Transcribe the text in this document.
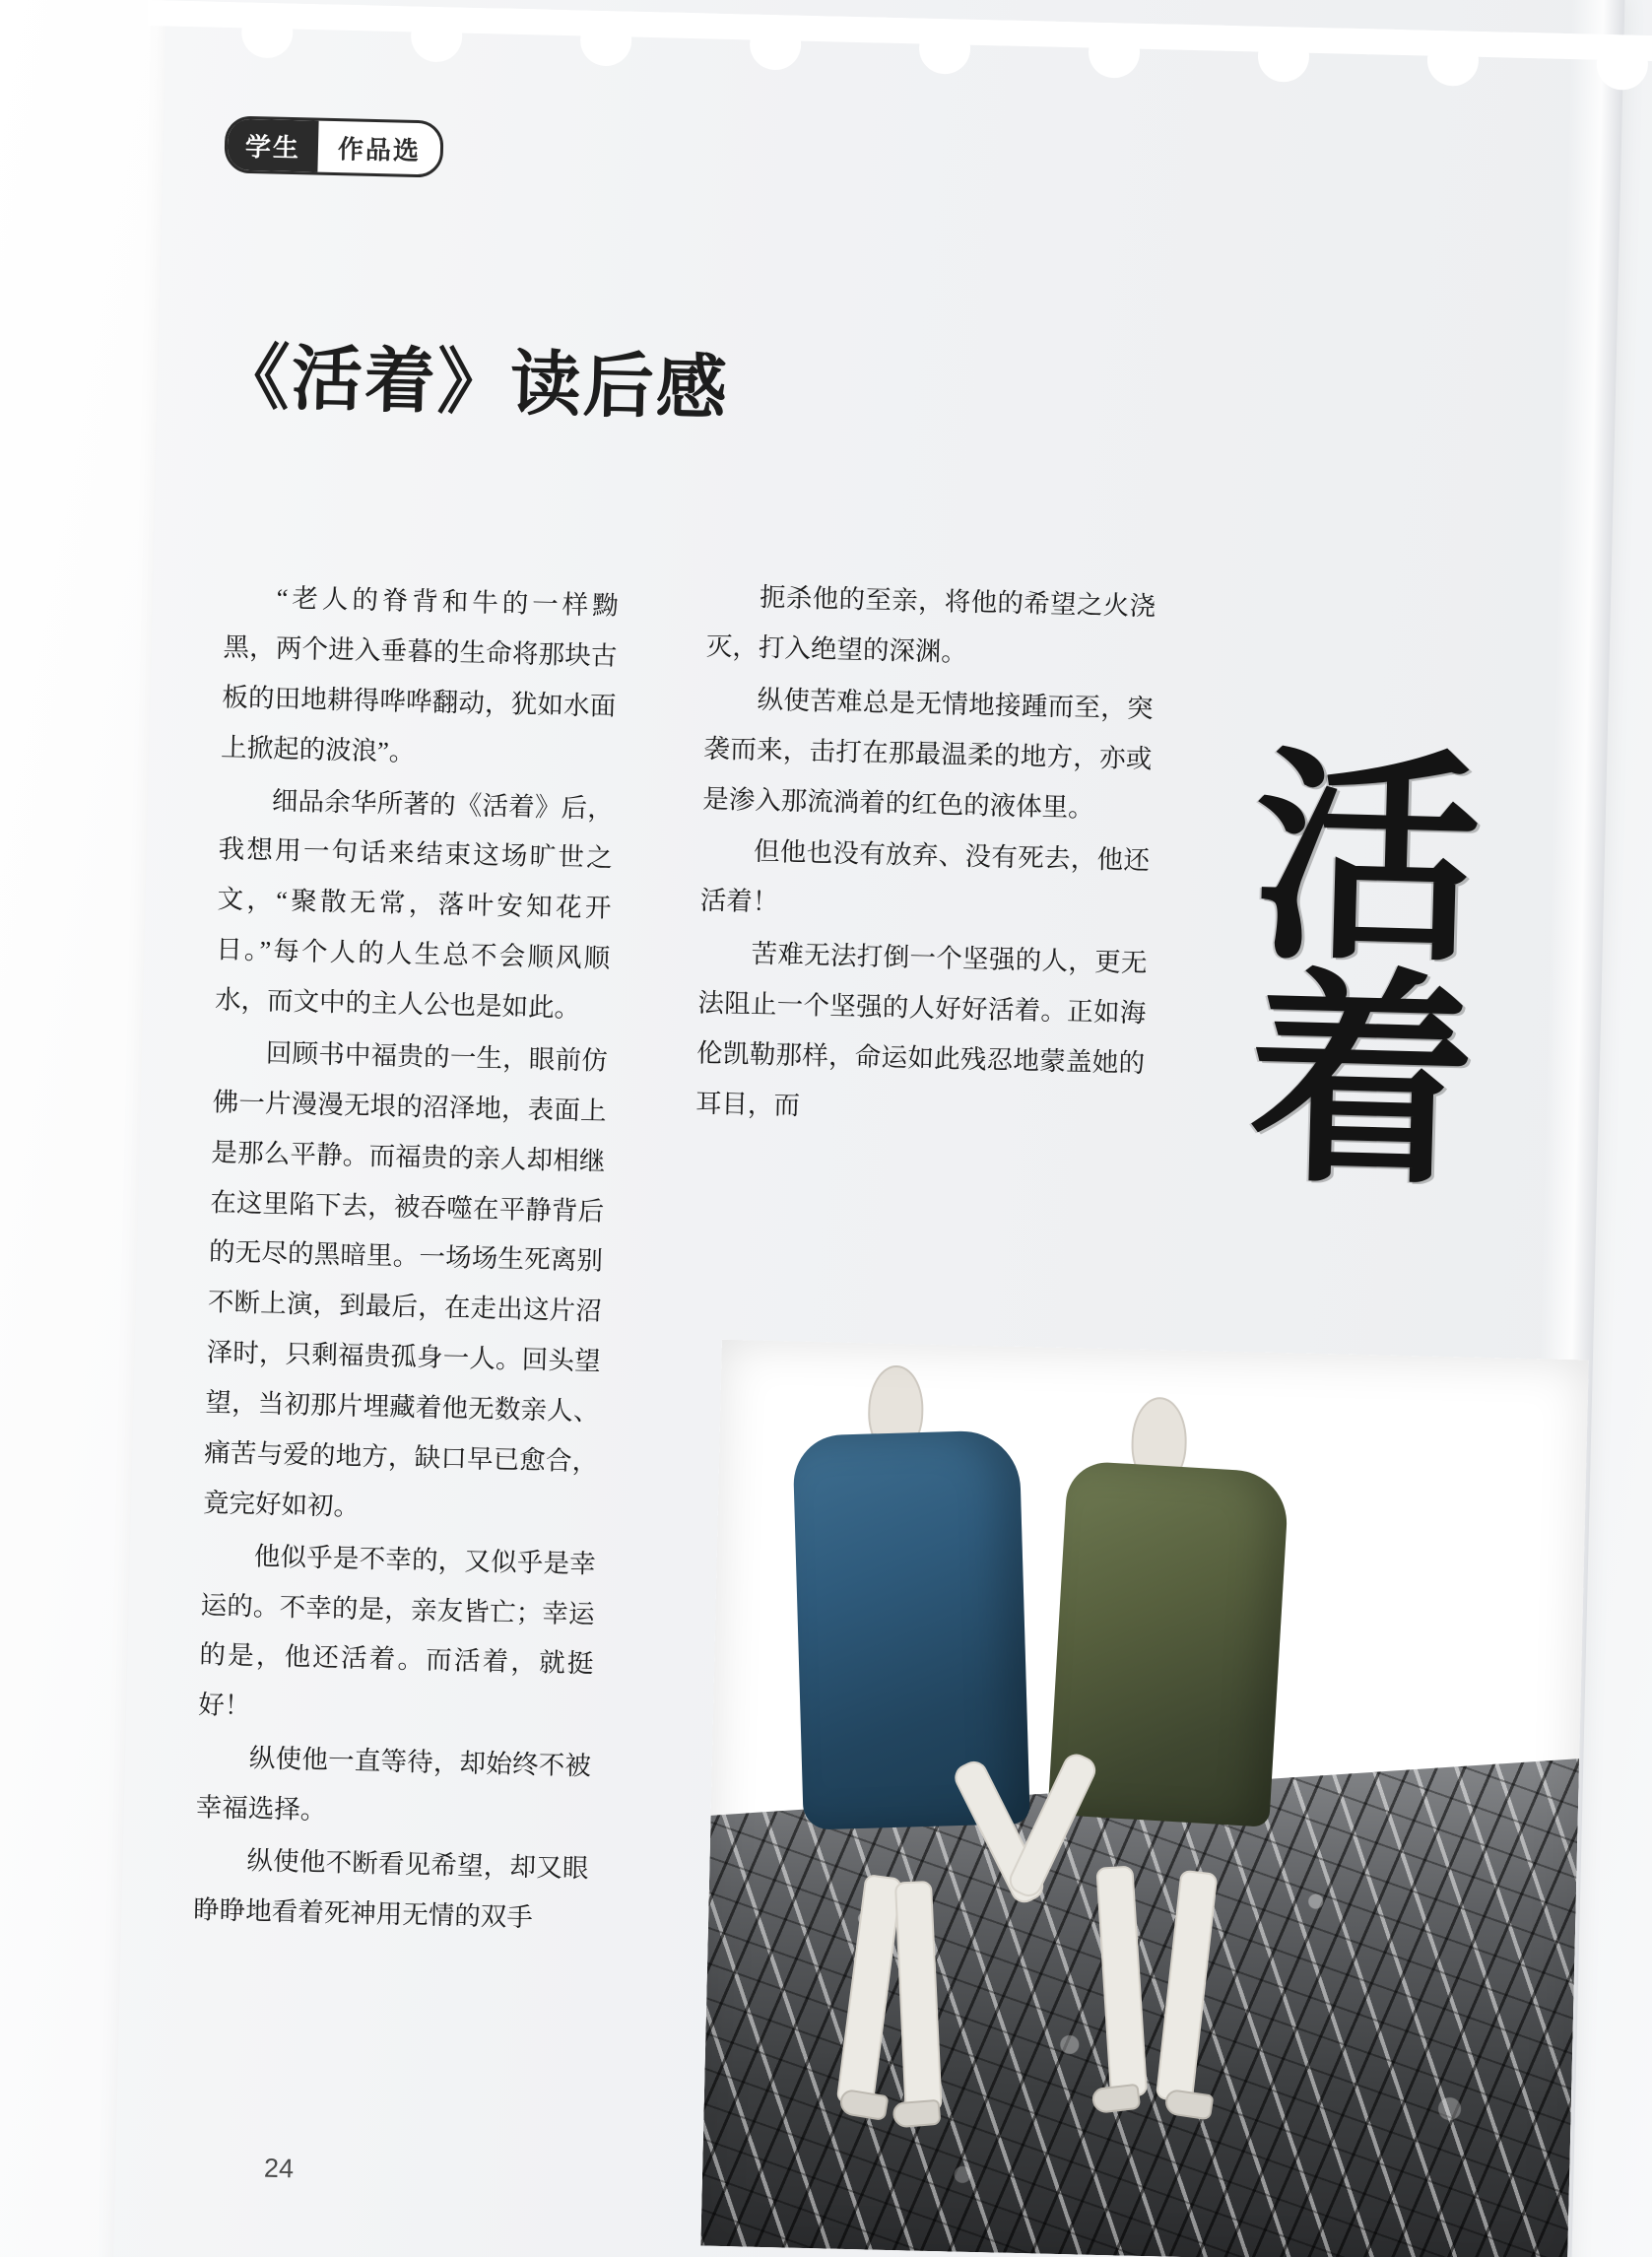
学生	作品选
《活着》读后感

“老人的脊背和牛的一样黝黑，两个进入垂暮的生命将那块古板的田地耕得哗哗翻动，犹如水面上掀起的波浪”。

细品余华所著的《活着》后，我想用一句话来结束这场旷世之文，“聚散无常，落叶安知花开日。”每个人的人生总不会顺风顺水，而文中的主人公也是如此。

回顾书中福贵的一生，眼前仿佛一片漫漫无垠的沼泽地，表面上是那么平静。而福贵的亲人却相继在这里陷下去，被吞噬在平静背后的无尽的黑暗里。一场场生死离别不断上演，到最后，在走出这片沼泽时，只剩福贵孤身一人。回头望望，当初那片埋藏着他无数亲人、痛苦与爱的地方，缺口早已愈合，竟完好如初。

他似乎是不幸的，又似乎是幸运的。不幸的是，亲友皆亡；幸运的是，他还活着。而活着，就挺好！

纵使他一直等待，却始终不被幸福选择。

纵使他不断看见希望，却又眼睁睁地看着死神用无情的双手

扼杀他的至亲，将他的希望之火浇灭，打入绝望的深渊。

纵使苦难总是无情地接踵而至，突袭而来，击打在那最温柔的地方，亦或是渗入那流淌着的红色的液体里。

但他也没有放弃、没有死去，他还活着！

苦难无法打倒一个坚强的人，更无法阻止一个坚强的人好好活着。正如海伦凯勒那样，命运如此残忍地蒙盖她的耳目，而

活
着
24
